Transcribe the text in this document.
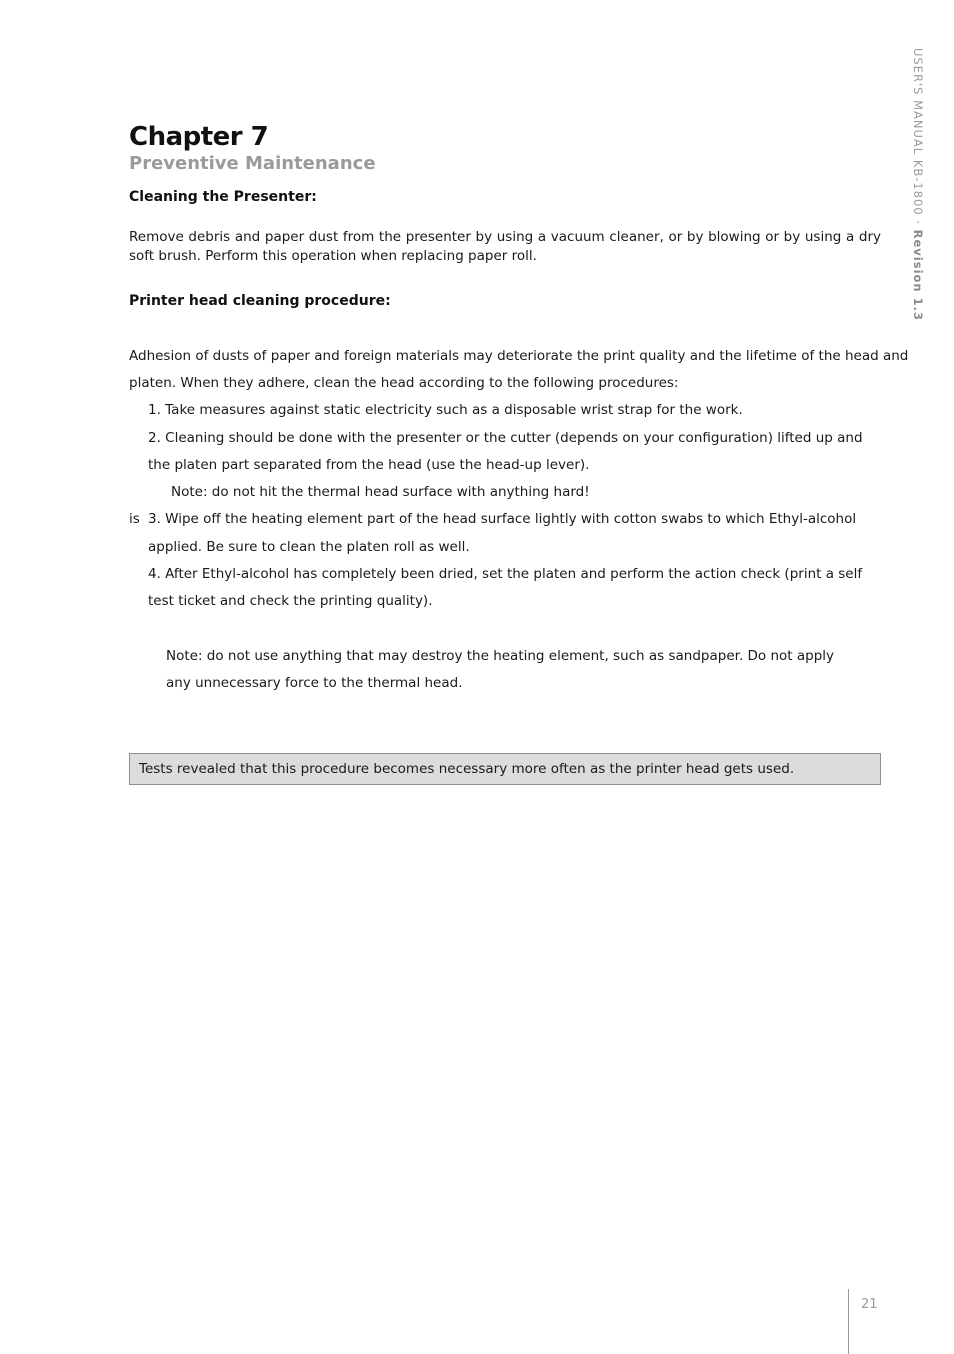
USER'S MANUAL KB-1800 · Revision 1.3
Chapter 7
Preventive Maintenance
Cleaning the Presenter:

Remove debris and paper dust from the presenter by using a vacuum cleaner, or by blowing or by using a dry soft brush. Perform this operation when replacing paper roll.

Printer head cleaning procedure:

Adhesion of dusts of paper and foreign materials may deteriorate the print quality and the lifetime of the head and

platen. When they adhere, clean the head according to the following procedures:

1. Take measures against static electricity such as a disposable wrist strap for the work.

2. Cleaning should be done with the presenter or the cutter (depends on your configuration) lifted up and

the platen part separated from the head (use the head-up lever).

Note: do not hit the thermal head surface with anything hard!

3. Wipe off the heating element part of the head surface lightly with cotton swabs to which Ethyl-alcohol
is

applied. Be sure to clean the platen roll as well.

4. After Ethyl-alcohol has completely been dried, set the platen and perform the action check (print a self

test ticket and check the printing quality).

Note: do not use anything that may destroy the heating element, such as sandpaper. Do not apply

any unnecessary force to the thermal head.

Tests revealed that this procedure becomes necessary more often as the printer head gets used.
21
